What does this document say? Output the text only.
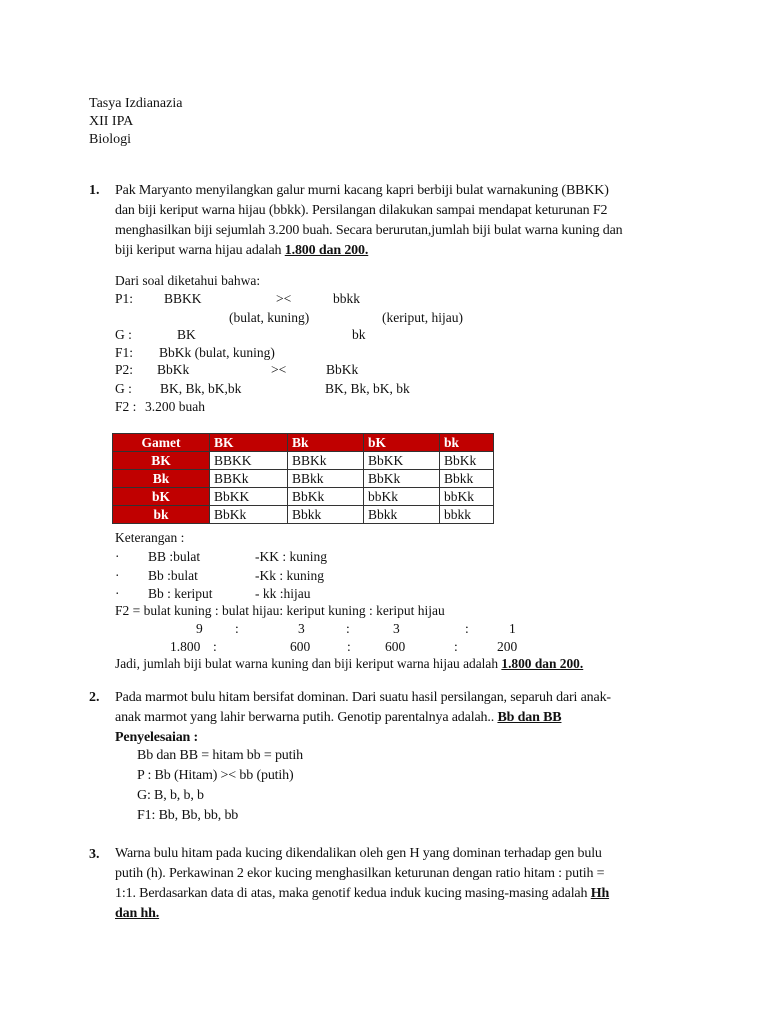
Tasya Izdianazia
XII IPA
Biologi
1. Pak Maryanto menyilangkan galur murni kacang kapri berbiji bulat warnakuning (BBKK)
dan biji keriput warna hijau (bbkk). Persilangan dilakukan sampai mendapat keturunan F2
menghasilkan biji sejumlah 3.200 buah. Secara berurutan,jumlah biji bulat warna kuning dan
biji keriput warna hijau adalah 1.800 dan 200.
Dari soal diketahui bahwa:
P1: BBKK	><	bbkk
(bulat, kuning)	(keriput, hijau)
G :	BK	bk
F1: BbKk (bulat, kuning)
P2: BbKk	><	BbKk
G : BK, Bk, bK,bk	BK, Bk, bK, bk
F2 : 3.200 buah
Gamet	BK	Bk	bK	bk
BK	BBKK	BBKk	BbKK	BbKk
Bk	BBKk	BBkk	BbKk	Bbkk
bK	BbKK	BbKk	bbKk	bbKk
bk	BbKk	Bbkk	Bbkk	bbkk
Keterangan :
· BB :bulat	-KK : kuning
· Bb :bulat	-Kk : kuning
· Bb : keriput	- kk :hijau
F2 = bulat kuning : bulat hijau: keriput kuning : keriput hijau
9 :	3	:	3	:	1
1.800 :	600	:	600	:	200
Jadi, jumlah biji bulat warna kuning dan biji keriput warna hijau adalah 1.800 dan 200.
2. Pada marmot bulu hitam bersifat dominan. Dari suatu hasil persilangan, separuh dari anak-
anak marmot yang lahir berwarna putih. Genotip parentalnya adalah.. Bb dan BB
Penyelesaian :
Bb dan BB = hitam bb = putih
P : Bb (Hitam) >< bb (putih)
G: B, b, b, b
F1: Bb, Bb, bb, bb
3. Warna bulu hitam pada kucing dikendalikan oleh gen H yang dominan terhadap gen bulu
putih (h). Perkawinan 2 ekor kucing menghasilkan keturunan dengan ratio hitam : putih =
1:1. Berdasarkan data di atas, maka genotif kedua induk kucing masing-masing adalah Hh
dan hh.
